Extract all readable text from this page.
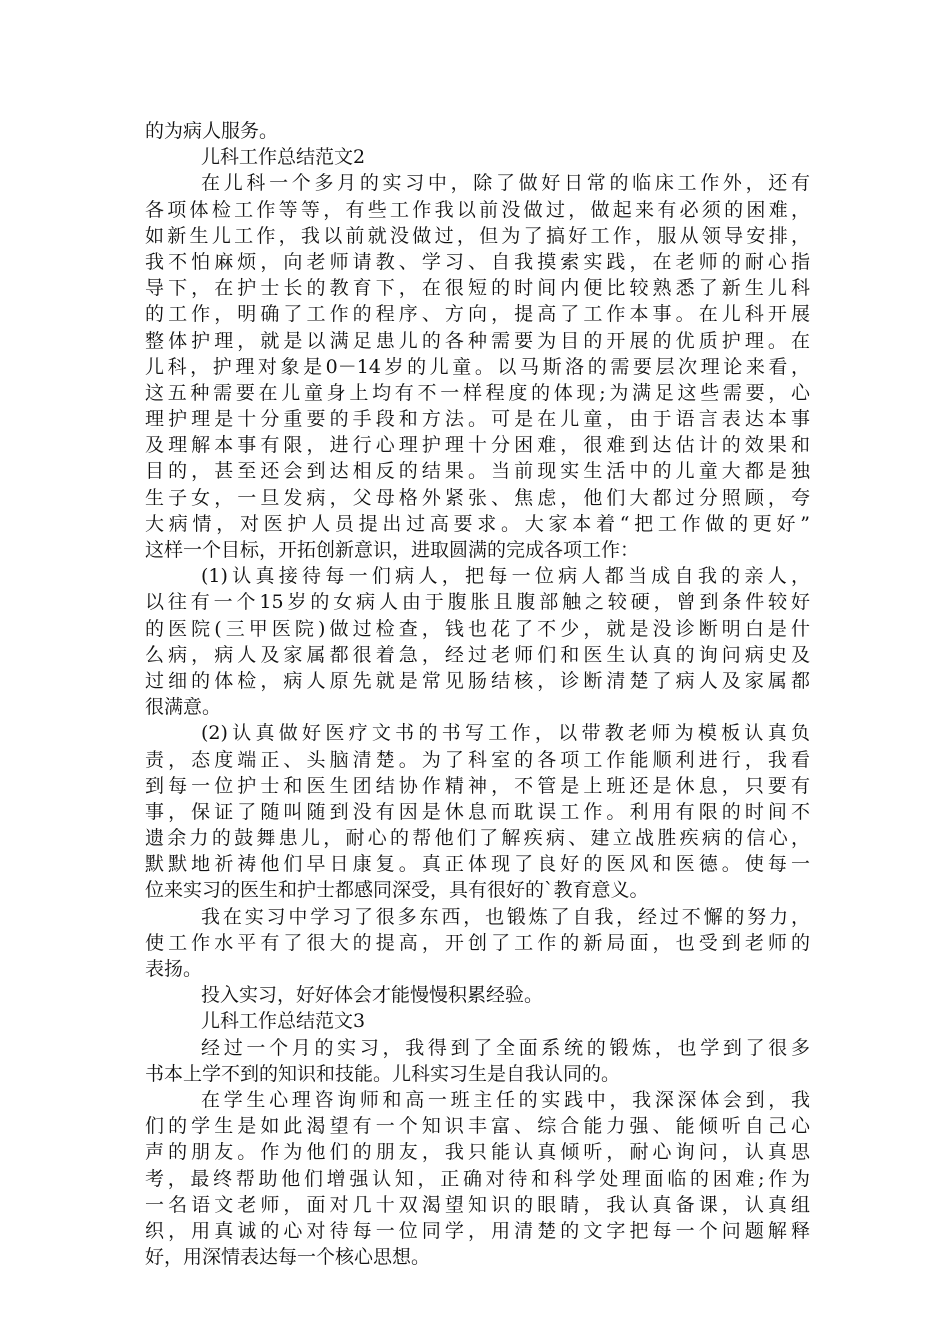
的为病人服务。
儿科工作总结范文2
在儿科一个多月的实习中，除了做好日常的临床工作外，还有
各项体检工作等等，有些工作我以前没做过，做起来有必须的困难，
如新生儿工作，我以前就没做过，但为了搞好工作，服从领导安排，
我不怕麻烦，向老师请教、学习、自我摸索实践，在老师的耐心指
导下，在护士长的教育下，在很短的时间内便比较熟悉了新生儿科
的工作，明确了工作的程序、方向，提高了工作本事。在儿科开展
整体护理，就是以满足患儿的各种需要为目的开展的优质护理。在
儿科，护理对象是0－14岁的儿童。以马斯洛的需要层次理论来看，
这五种需要在儿童身上均有不一样程度的体现;为满足这些需要，心
理护理是十分重要的手段和方法。可是在儿童，由于语言表达本事
及理解本事有限，进行心理护理十分困难，很难到达估计的效果和
目的，甚至还会到达相反的结果。当前现实生活中的儿童大都是独
生子女，一旦发病，父母格外紧张、焦虑，他们大都过分照顾，夸
大病情，对医护人员提出过高要求。大家本着“把工作做的更好”
这样一个目标，开拓创新意识，进取圆满的完成各项工作：
(1)认真接待每一们病人，把每一位病人都当成自我的亲人，
以往有一个15岁的女病人由于腹胀且腹部触之较硬，曾到条件较好
的医院(三甲医院)做过检查，钱也花了不少，就是没诊断明白是什
么病，病人及家属都很着急，经过老师们和医生认真的询问病史及
过细的体检，病人原先就是常见肠结核，诊断清楚了病人及家属都
很满意。
(2)认真做好医疗文书的书写工作，以带教老师为模板认真负
责，态度端正、头脑清楚。为了科室的各项工作能顺利进行，我看
到每一位护士和医生团结协作精神，不管是上班还是休息，只要有
事，保证了随叫随到没有因是休息而耽误工作。利用有限的时间不
遗余力的鼓舞患儿，耐心的帮他们了解疾病、建立战胜疾病的信心，
默默地祈祷他们早日康复。真正体现了良好的医风和医德。使每一
位来实习的医生和护士都感同深受，具有很好的`教育意义。
我在实习中学习了很多东西，也锻炼了自我，经过不懈的努力，
使工作水平有了很大的提高，开创了工作的新局面，也受到老师的
表扬。
投入实习，好好体会才能慢慢积累经验。
儿科工作总结范文3
经过一个月的实习，我得到了全面系统的锻炼，也学到了很多
书本上学不到的知识和技能。儿科实习生是自我认同的。
在学生心理咨询师和高一班主任的实践中，我深深体会到，我
们的学生是如此渴望有一个知识丰富、综合能力强、能倾听自己心
声的朋友。作为他们的朋友，我只能认真倾听，耐心询问，认真思
考，最终帮助他们增强认知，正确对待和科学处理面临的困难;作为
一名语文老师，面对几十双渴望知识的眼睛，我认真备课，认真组
织，用真诚的心对待每一位同学，用清楚的文字把每一个问题解释
好，用深情表达每一个核心思想。
